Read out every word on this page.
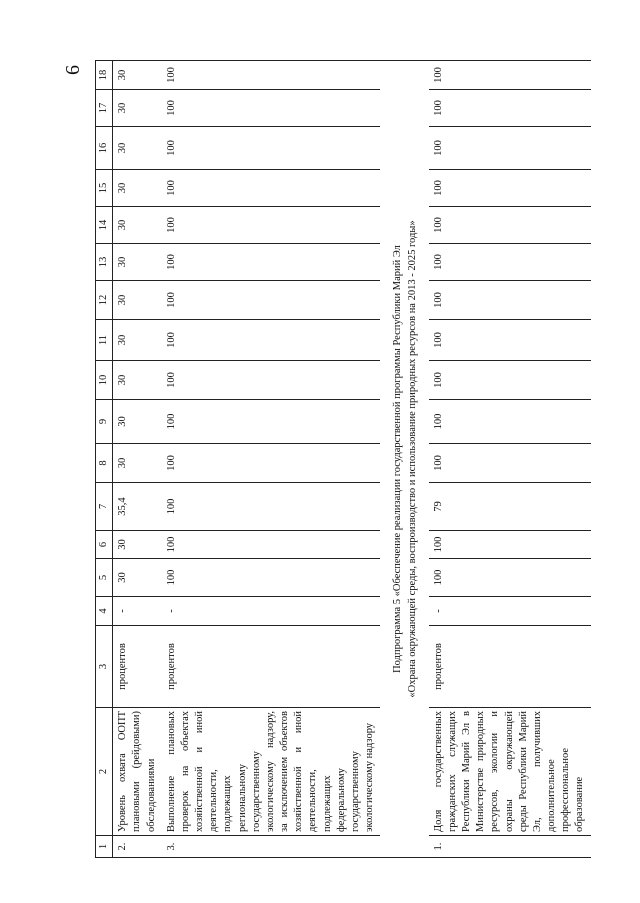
6
1	2	3	4	5	6	7	8	9	10	11	12	13	14	15	16	17	18
2.	Уровень охвата ООПТ плановыми (рейдовыми) обследованиями	процентов	-	30	30	35,4	30	30	30	30	30	30	30	30	30	30	30
3.	Выполнение плановых проверок на объектах хозяйственной и иной деятельности, подлежащих региональному государственному экологическому надзору, за исключением объектов хозяйственной и иной деятельности, подлежащих федеральному государственному экологическому надзору	процентов	-	100	100	100	100	100	100	100	100	100	100	100	100	100	100

Подпрограмма 5 «Обеспечение реализации государственной программы Республики Марий Эл «Охрана окружающей среды, воспроизводство и использование природных ресурсов на 2013 - 2025 годы»																	

1.	Доля государственных гражданских служащих Республики Марий Эл в Министерстве природных ресурсов, экологии и охраны окружающей среды Республики Марий Эл, получивших дополнительное профессиональное образование	процентов	-	100	100	79	100	100	100	100	100	100	100	100	100	100	100
